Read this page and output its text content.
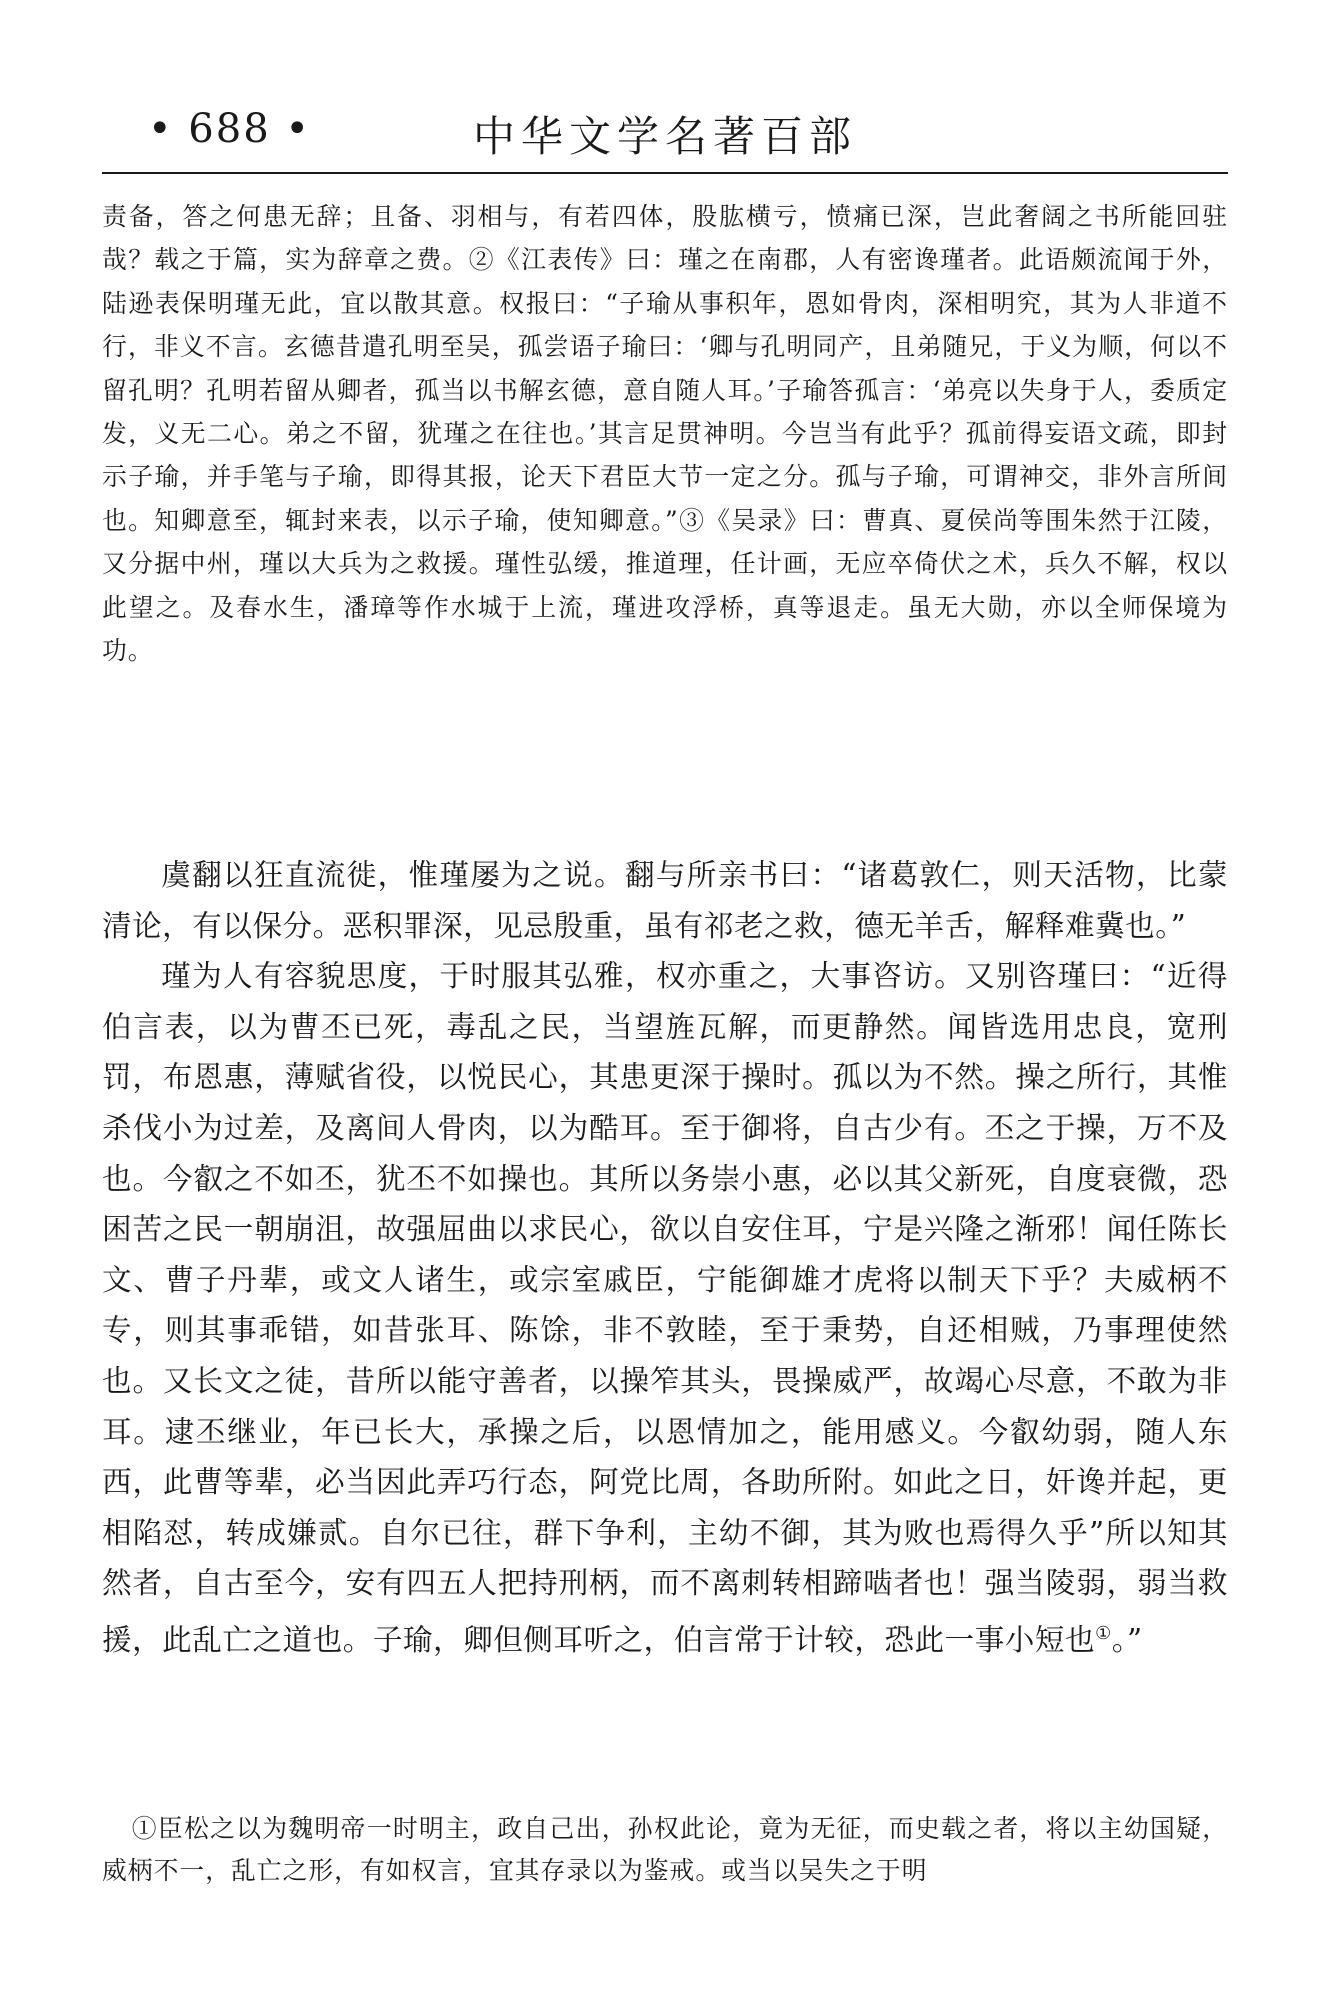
• 688 •	中华文学名著百部

责备，答之何患无辞；且备、羽相与，有若四体，股肱横亏，愤痛已深，岂此奢阔之书所能回驻哉？载之于篇，实为辞章之费。②《江表传》曰：瑾之在南郡，人有密谗瑾者。此语颇流闻于外，陆逊表保明瑾无此，宜以散其意。权报曰：“子瑜从事积年，恩如骨肉，深相明究，其为人非道不行，非义不言。玄德昔遣孔明至吴，孤尝语子瑜曰：‘卿与孔明同产，且弟随兄，于义为顺，何以不留孔明？孔明若留从卿者，孤当以书解玄德，意自随人耳。’子瑜答孤言：‘弟亮以失身于人，委质定发，义无二心。弟之不留，犹瑾之在往也。’其言足贯神明。今岂当有此乎？孤前得妄语文疏，即封示子瑜，并手笔与子瑜，即得其报，论天下君臣大节一定之分。孤与子瑜，可谓神交，非外言所间也。知卿意至，辄封来表，以示子瑜，使知卿意。”③《吴录》曰：曹真、夏侯尚等围朱然于江陵，又分据中州，瑾以大兵为之救援。瑾性弘缓，推道理，任计画，无应卒倚伏之术，兵久不解，权以此望之。及春水生，潘璋等作水城于上流，瑾进攻浮桥，真等退走。虽无大勋，亦以全师保境为功。

虞翻以狂直流徙，惟瑾屡为之说。翻与所亲书曰：“诸葛敦仁，则天活物，比蒙清论，有以保分。恶积罪深，见忌殷重，虽有祁老之救，德无羊舌，解释难冀也。”

瑾为人有容貌思度，于时服其弘雅，权亦重之，大事咨访。又别咨瑾曰：“近得伯言表，以为曹丕已死，毒乱之民，当望旌瓦解，而更静然。闻皆选用忠良，宽刑罚，布恩惠，薄赋省役，以悦民心，其患更深于操时。孤以为不然。操之所行，其惟杀伐小为过差，及离间人骨肉，以为酷耳。至于御将，自古少有。丕之于操，万不及也。今叡之不如丕，犹丕不如操也。其所以务崇小惠，必以其父新死，自度衰微，恐困苦之民一朝崩沮，故强屈曲以求民心，欲以自安住耳，宁是兴隆之渐邪！闻任陈长文、曹子丹辈，或文人诸生，或宗室戚臣，宁能御雄才虎将以制天下乎？夫威柄不专，则其事乖错，如昔张耳、陈馀，非不敦睦，至于秉势，自还相贼，乃事理使然也。又长文之徒，昔所以能守善者，以操笮其头，畏操威严，故竭心尽意，不敢为非耳。逮丕继业，年已长大，承操之后，以恩情加之，能用感义。今叡幼弱，随人东西，此曹等辈，必当因此弄巧行态，阿党比周，各助所附。如此之日，奸谗并起，更相陷怼，转成嫌贰。自尔已往，群下争利，主幼不御，其为败也焉得久乎”所以知其然者，自古至今，安有四五人把持刑柄，而不离刺转相蹄啮者也！强当陵弱，弱当救援，此乱亡之道也。子瑜，卿但侧耳听之，伯言常于计较，恐此一事小短也①。”

①臣松之以为魏明帝一时明主，政自己出，孙权此论，竟为无征，而史载之者，将以主幼国疑，威柄不一，乱亡之形，有如权言，宜其存录以为鉴戒。或当以吴失之于明
